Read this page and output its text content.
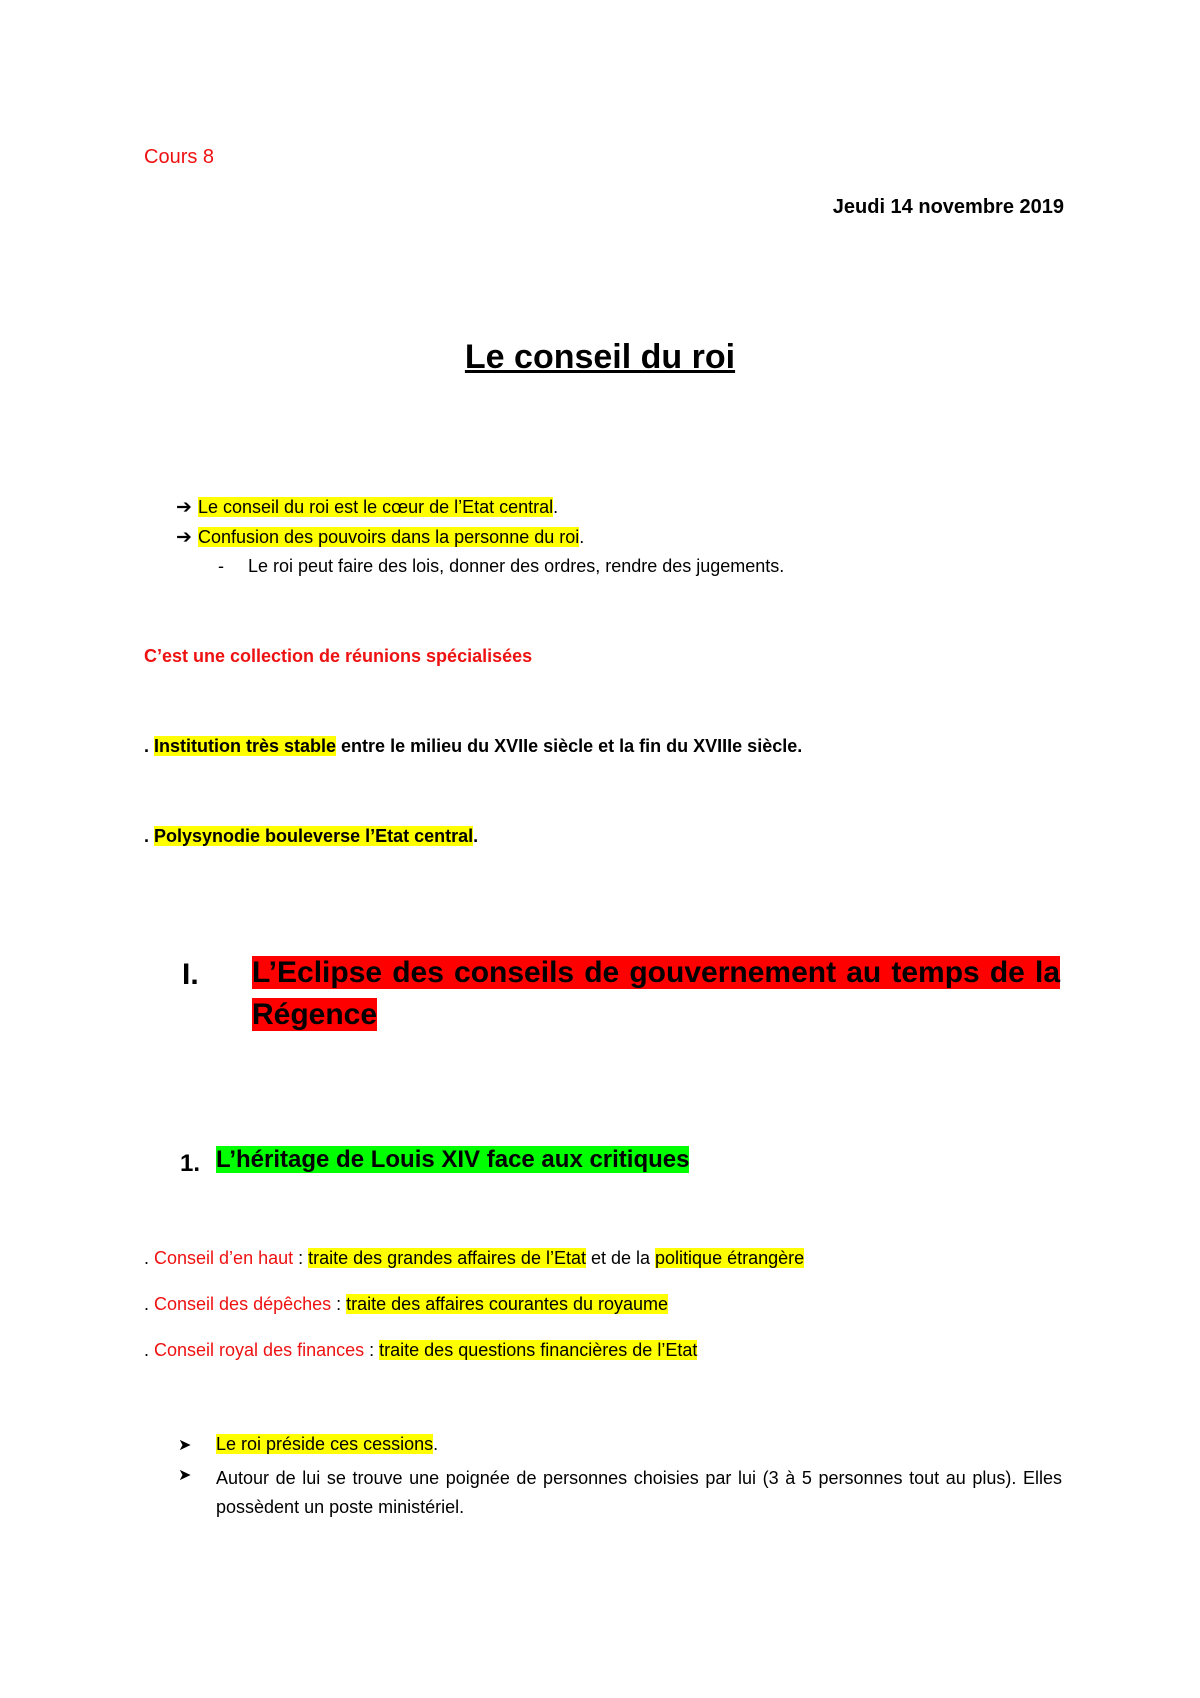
Cours 8
Jeudi 14 novembre 2019
Le conseil du roi
➔ Le conseil du roi est le cœur de l’Etat central.
➔ Confusion des pouvoirs dans la personne du roi.
- Le roi peut faire des lois, donner des ordres, rendre des jugements.
C’est une collection de réunions spécialisées
. Institution très stable entre le milieu du XVIIe siècle et la fin du XVIIIe siècle.
. Polysynodie bouleverse l’Etat central.
I. L’Eclipse des conseils de gouvernement au temps de la Régence
1. L’héritage de Louis XIV face aux critiques
. Conseil d’en haut : traite des grandes affaires de l’Etat et de la politique étrangère
. Conseil des dépêches : traite des affaires courantes du royaume
. Conseil royal des finances : traite des questions financières de l’Etat
➤ Le roi préside ces cessions.
➤	Autour de lui se trouve une poignée de personnes choisies par lui (3 à 5 personnes tout au plus). Elles possèdent un poste ministériel.
